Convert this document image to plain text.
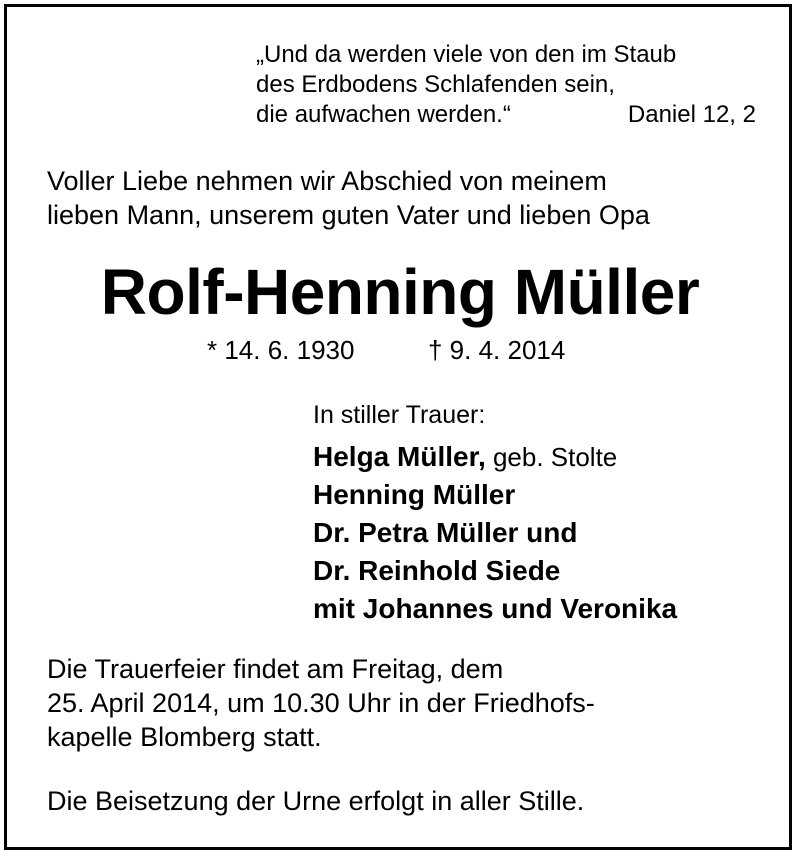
„Und da werden viele von den im Staub
des Erdbodens Schlafenden sein,
die aufwachen werden.“	Daniel 12, 2
Voller Liebe nehmen wir Abschied von meinem
lieben Mann, unserem guten Vater und lieben Opa
Rolf-Henning Müller
* 14. 6. 1930	† 9. 4. 2014
In stiller Trauer:
Helga Müller, geb. Stolte
Henning Müller
Dr. Petra Müller und
Dr. Reinhold Siede
mit Johannes und Veronika
Die Trauerfeier findet am Freitag, dem
25. April 2014, um 10.30 Uhr in der Friedhofs-
kapelle Blomberg statt.
Die Beisetzung der Urne erfolgt in aller Stille.
